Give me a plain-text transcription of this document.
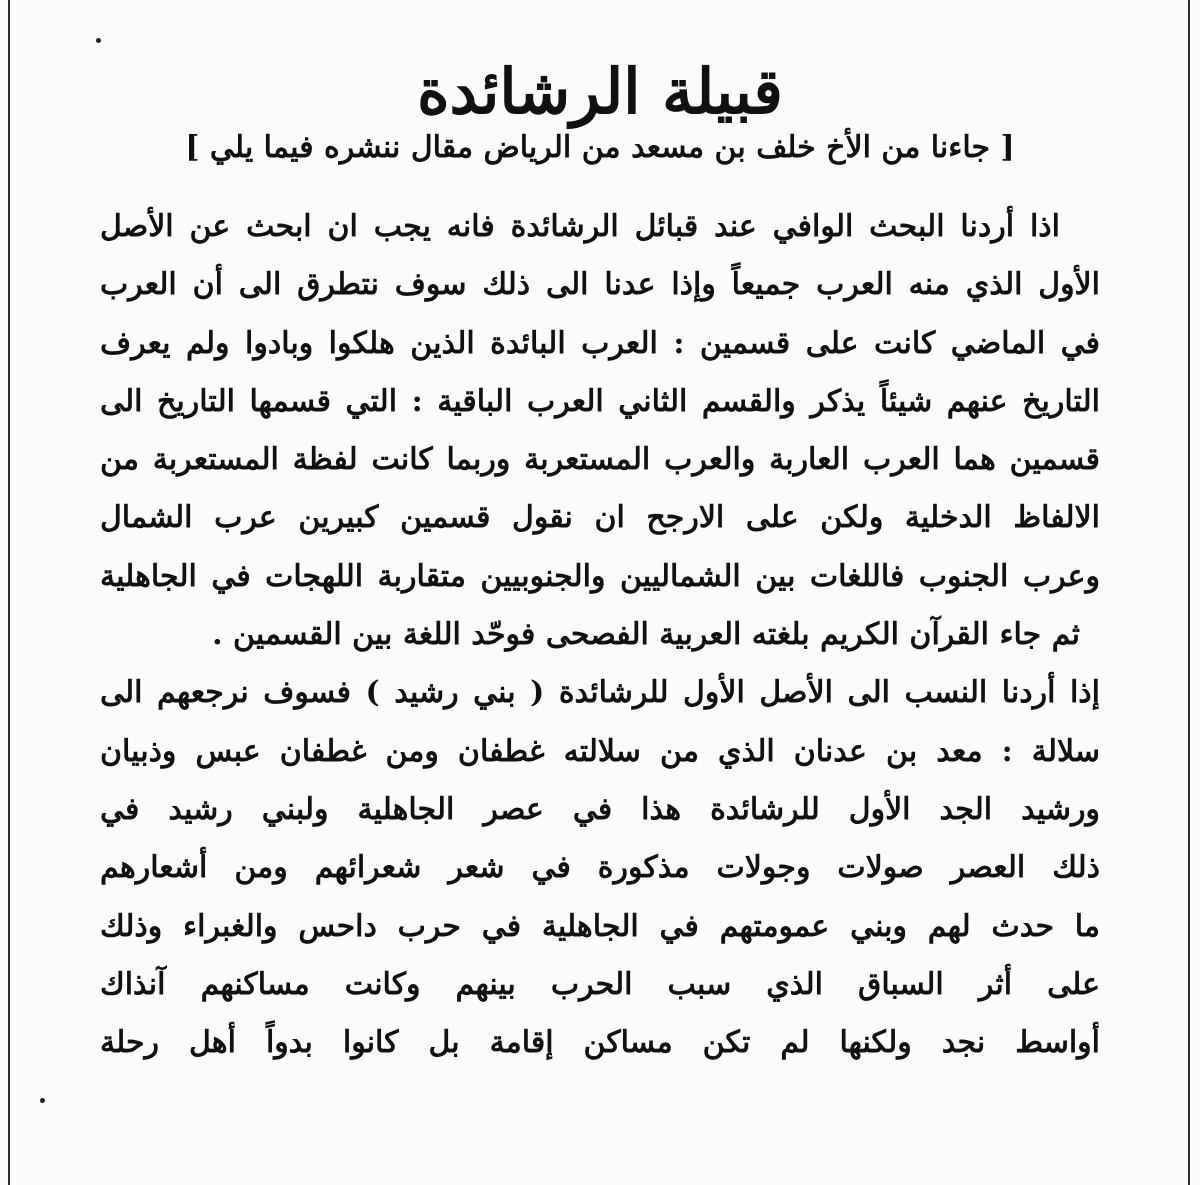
قبيلة الرشائدة
[ جاءنا من الأخ خلف بن مسعد من الرياض مقال ننشره فيما يلي ]
اذا أردنا البحث الوافي عند قبائل الرشائدة فانه يجب ان ابحث عن الأصل
الأول الذي منه العرب جميعاً وإذا عدنا الى ذلك سوف نتطرق الى أن العرب
في الماضي كانت على قسمين : العرب البائدة الذين هلكوا وبادوا ولم يعرف
التاريخ عنهم شيئاً يذكر والقسم الثاني العرب الباقية : التي قسمها التاريخ الى
قسمين هما العرب العاربة والعرب المستعربة وربما كانت لفظة المستعربة من
الالفاظ الدخلية ولكن على الارجح ان نقول قسمين كبيرين عرب الشمال
وعرب الجنوب فاللغات بين الشماليين والجنوبيين متقاربة اللهجات في الجاهلية
ثم جاء القرآن الكريم بلغته العربية الفصحى فوحّد اللغة بين القسمين .
إذا أردنا النسب الى الأصل الأول للرشائدة ( بني رشيد ) فسوف نرجعهم الى
سلالة : معد بن عدنان الذي من سلالته غطفان ومن غطفان عبس وذبيان
ورشيد الجد الأول للرشائدة هذا في عصر الجاهلية ولبني رشيد في
ذلك العصر صولات وجولات مذكورة في شعر شعرائهم ومن أشعارهم
ما حدث لهم وبني عمومتهم في الجاهلية في حرب داحس والغبراء وذلك
على أثر السباق الذي سبب الحرب بينهم وكانت مساكنهم آنذاك
أواسط نجد ولكنها لم تكن مساكن إقامة بل كانوا بدواً أهل رحلة
